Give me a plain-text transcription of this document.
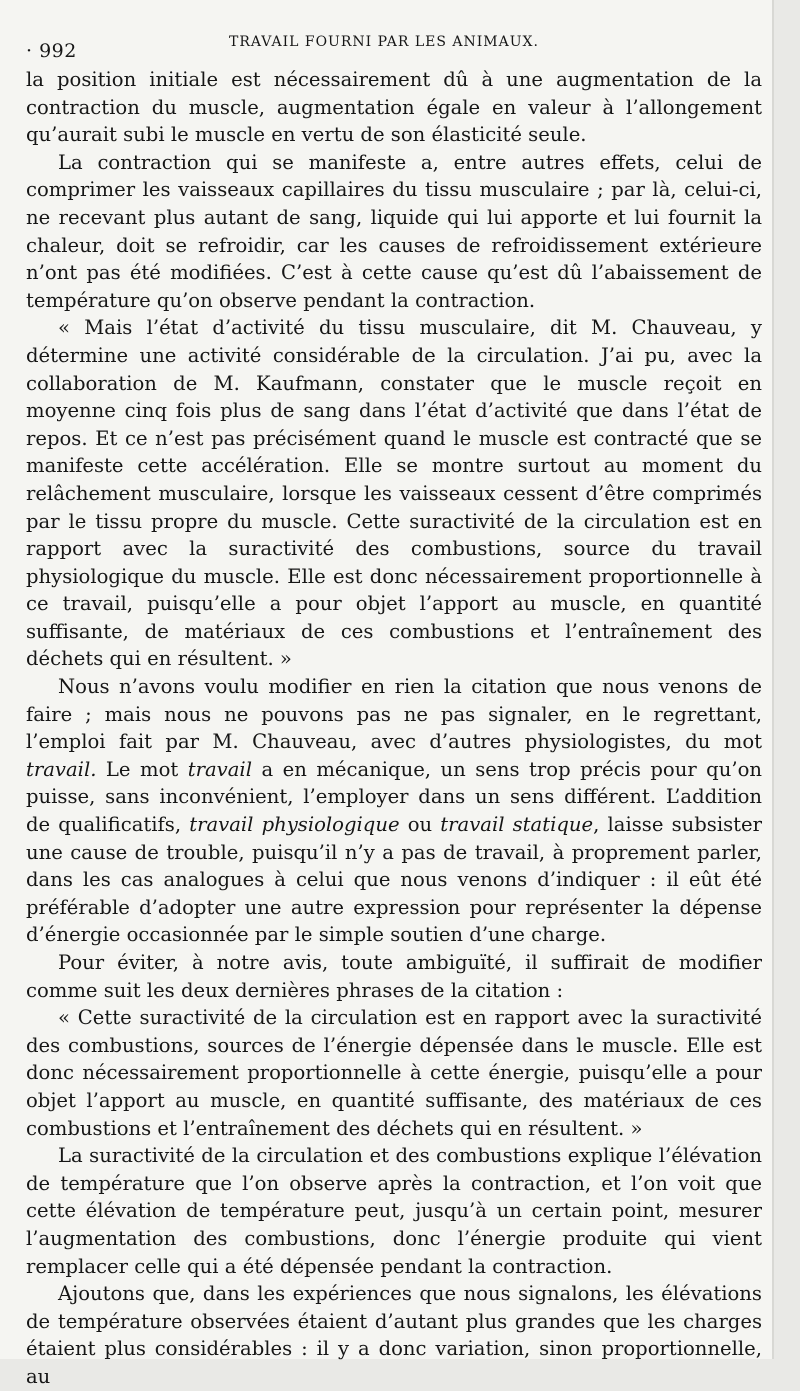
· 992	TRAVAIL FOURNI PAR LES ANIMAUX.

la position initiale est nécessairement dû à une augmentation de la contraction du muscle, augmentation égale en valeur à l’allongement qu’aurait subi le muscle en vertu de son élasticité seule.

La contraction qui se manifeste a, entre autres effets, celui de comprimer les vaisseaux capillaires du tissu musculaire ; par là, celui-ci, ne recevant plus autant de sang, liquide qui lui apporte et lui fournit la chaleur, doit se refroidir, car les causes de refroidissement extérieure n’ont pas été modifiées. C’est à cette cause qu’est dû l’abaissement de température qu’on observe pendant la contraction.

« Mais l’état d’activité du tissu musculaire, dit M. Chauveau, y détermine une activité considérable de la circulation. J’ai pu, avec la collaboration de M. Kaufmann, constater que le muscle reçoit en moyenne cinq fois plus de sang dans l’état d’activité que dans l’état de repos. Et ce n’est pas précisément quand le muscle est contracté que se manifeste cette accélération. Elle se montre surtout au moment du relâchement musculaire, lorsque les vaisseaux cessent d’être comprimés par le tissu propre du muscle. Cette suractivité de la circulation est en rapport avec la suractivité des combustions, source du travail physiologique du muscle. Elle est donc nécessairement proportionnelle à ce travail, puisqu’elle a pour objet l’apport au muscle, en quantité suffisante, de matériaux de ces combustions et l’entraînement des déchets qui en résultent. »

Nous n’avons voulu modifier en rien la citation que nous venons de faire ; mais nous ne pouvons pas ne pas signaler, en le regrettant, l’emploi fait par M. Chauveau, avec d’autres physiologistes, du mot travail. Le mot travail a en mécanique, un sens trop précis pour qu’on puisse, sans inconvénient, l’employer dans un sens différent. L’addition de qualificatifs, travail physiologique ou travail statique, laisse subsister une cause de trouble, puisqu’il n’y a pas de travail, à proprement parler, dans les cas analogues à celui que nous venons d’indiquer : il eût été préférable d’adopter une autre expression pour représenter la dépense d’énergie occasionnée par le simple soutien d’une charge.

Pour éviter, à notre avis, toute ambiguïté, il suffirait de modifier comme suit les deux dernières phrases de la citation :

« Cette suractivité de la circulation est en rapport avec la suractivité des combustions, sources de l’énergie dépensée dans le muscle. Elle est donc nécessairement proportionnelle à cette énergie, puisqu’elle a pour objet l’apport au muscle, en quantité suffisante, des matériaux de ces combustions et l’entraînement des déchets qui en résultent. »

La suractivité de la circulation et des combustions explique l’élévation de température que l’on observe après la contraction, et l’on voit que cette élévation de température peut, jusqu’à un certain point, mesurer l’augmentation des combustions, donc l’énergie produite qui vient remplacer celle qui a été dépensée pendant la contraction.

Ajoutons que, dans les expériences que nous signalons, les élévations de température observées étaient d’autant plus grandes que les charges étaient plus considérables : il y a donc variation, sinon proportionnelle, au
